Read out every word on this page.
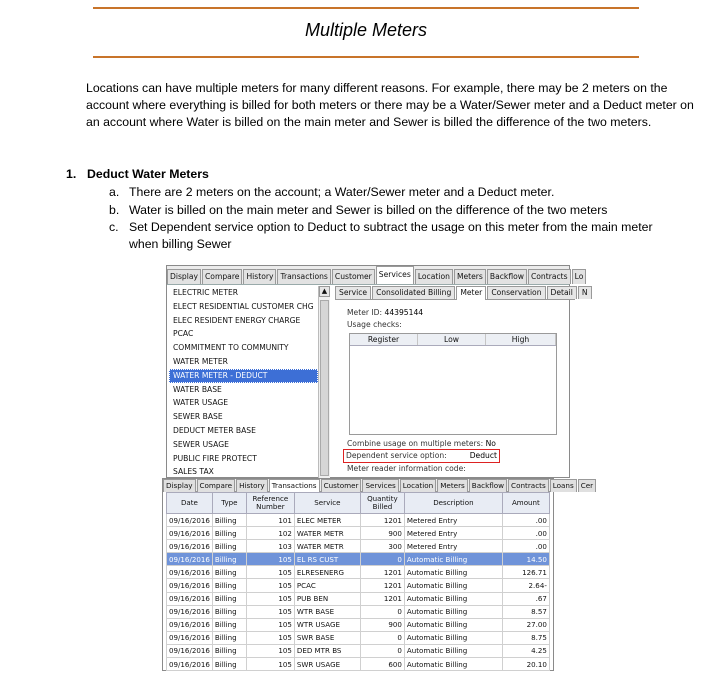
Multiple Meters
Locations can have multiple meters for many different reasons. For example, there may be 2 meters on the account where everything is billed for both meters or there may be a Water/Sewer meter and a Deduct meter on an account where Water is billed on the main meter and Sewer is billed the difference of the two meters.
1. Deduct Water Meters
a. There are 2 meters on the account; a Water/Sewer meter and a Deduct meter.
b. Water is billed on the main meter and Sewer is billed on the difference of the two meters
c. Set Dependent service option to Deduct to subtract the usage on this meter from the main meter when billing Sewer
Display Compare History Transactions Customer Services Location Meters Backflow Contracts Lo
ELECTRIC METER
ELECT RESIDENTIAL CUSTOMER CHG
ELEC RESIDENT ENERGY CHARGE
PCAC
COMMITMENT TO COMMUNITY
WATER METER
WATER METER - DEDUCT
WATER BASE
WATER USAGE
SEWER BASE
DEDUCT METER BASE
SEWER USAGE
PUBLIC FIRE PROTECT
SALES TAX
▲	Service	Consolidated Billing	Meter	Conservation	Detail	N
Meter ID: 44395144
Usage checks:
Register	Low	High
Combine usage on multiple meters: No
Dependent service option:	Deduct
Meter reader information code:
Display Compare History Transactions Customer Services Location Meters Backflow Contracts Loans Cer
Date	Type	Reference Number	Service	Quantity Billed	Description	Amount
09/16/2016	Billing	101	ELEC METER	1201	Metered Entry	.00
09/16/2016	Billing	102	WATER METR	900	Metered Entry	.00
09/16/2016	Billing	103	WATER METR	300	Metered Entry	.00
09/16/2016	Billing	105	EL RS CUST	0	Automatic Billing	14.50
09/16/2016	Billing	105	ELRESENERG	1201	Automatic Billing	126.71
09/16/2016	Billing	105	PCAC	1201	Automatic Billing	2.64-
09/16/2016	Billing	105	PUB BEN	1201	Automatic Billing	.67
09/16/2016	Billing	105	WTR BASE	0	Automatic Billing	8.57
09/16/2016	Billing	105	WTR USAGE	900	Automatic Billing	27.00
09/16/2016	Billing	105	SWR BASE	0	Automatic Billing	8.75
09/16/2016	Billing	105	DED MTR BS	0	Automatic Billing	4.25
09/16/2016	Billing	105	SWR USAGE	600	Automatic Billing	20.10
